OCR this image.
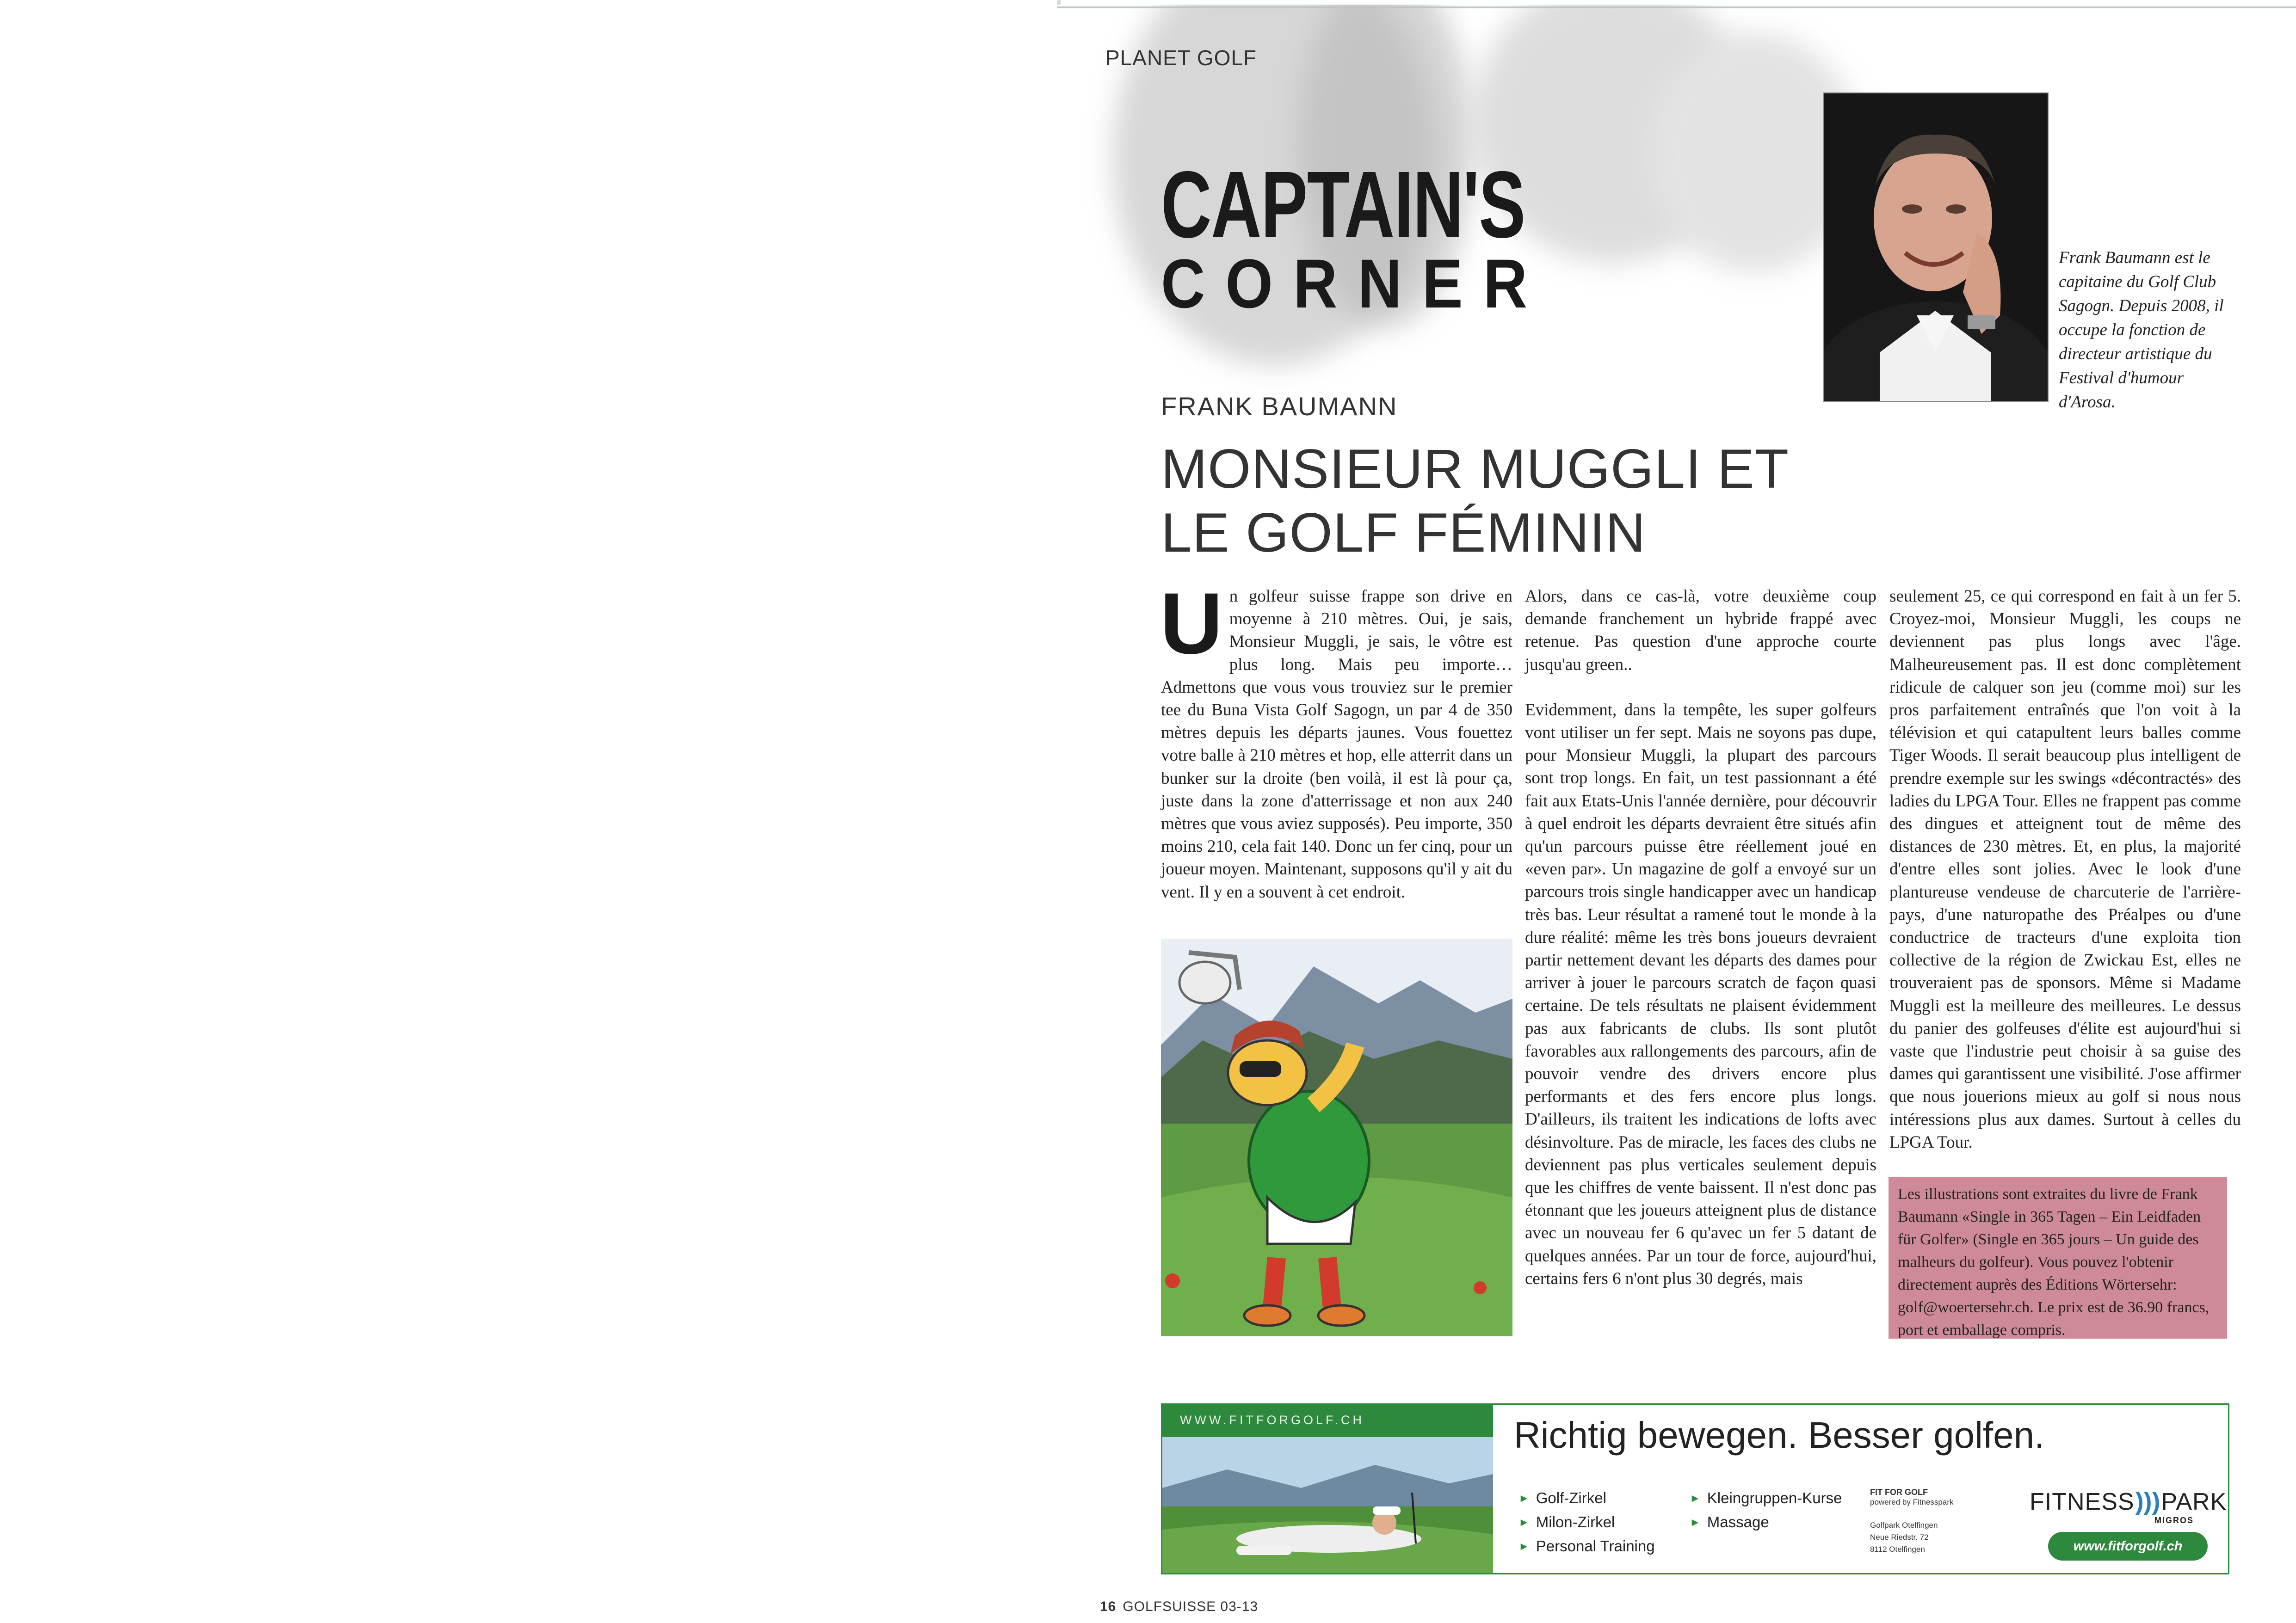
PLANET GOLF
CAPTAIN'S
CORNER	Frank Baumann est le capitaine du Golf Club Sagogn. Depuis 2008, il occupe la fonction de directeur artistique du Festival d'humour d'Arosa.
FRANK BAUMANN
MONSIEUR MUGGLI ET
LE GOLF FÉMININ

Un golfeur suisse frappe son drive en moyenne à 210 mètres. Oui, je sais, Monsieur Muggli, je sais, le vôtre est plus long. Mais peu importe… Admettons que vous vous trouviez sur le premier tee du Buna Vista Golf Sagogn, un par 4 de 350 mètres depuis les départs jaunes. Vous fouettez votre balle à 210 mètres et hop, elle atterrit dans un bunker sur la droite (ben voilà, il est là pour ça, juste dans la zone d'atterrissage et non aux 240 mètres que vous aviez supposés). Peu importe, 350 moins 210, cela fait 140. Donc un fer cinq, pour un joueur moyen. Maintenant, supposons qu'il y ait du vent. Il y en a souvent à cet endroit.

Alors, dans ce cas-là, votre deuxième coup demande franchement un hybride frappé avec retenue. Pas question d'une approche courte jusqu'au green..

Evidemment, dans la tempête, les super golfeurs vont utiliser un fer sept. Mais ne soyons pas dupe, pour Monsieur Muggli, la plupart des parcours sont trop longs. En fait, un test passionnant a été fait aux Etats-Unis l'année dernière, pour découvrir à quel endroit les départs devraient être situés afin qu'un parcours puisse être réellement joué en «even par». Un magazine de golf a envoyé sur un parcours trois single handicapper avec un handicap très bas. Leur résultat a ramené tout le monde à la dure réalité: même les très bons joueurs devraient partir nettement devant les départs des dames pour arriver à jouer le parcours scratch de façon quasi certaine. De tels résultats ne plaisent évidemment pas aux fabricants de clubs. Ils sont plutôt favorables aux rallongements des parcours, afin de pouvoir vendre des drivers encore plus performants et des fers encore plus longs. D'ailleurs, ils traitent les indications de lofts avec désinvolture. Pas de miracle, les faces des clubs ne deviennent pas plus verticales seulement depuis que les chiffres de vente baissent. Il n'est donc pas étonnant que les joueurs atteignent plus de distance avec un nouveau fer 6 qu'avec un fer 5 datant de quelques années. Par un tour de force, aujourd'hui, certains fers 6 n'ont plus 30 degrés, mais

seulement 25, ce qui correspond en fait à un fer 5. Croyez-moi, Monsieur Muggli, les coups ne deviennent pas plus longs avec l'âge. Malheureusement pas. Il est donc complètement ridicule de calquer son jeu (comme moi) sur les pros parfaitement entraînés que l'on voit à la télévision et qui catapultent leurs balles comme Tiger Woods. Il serait beaucoup plus intelligent de prendre exemple sur les swings «décontractés» des ladies du LPGA Tour. Elles ne frappent pas comme des dingues et atteignent tout de même des distances de 230 mètres. Et, en plus, la majorité d'entre elles sont jolies. Avec le look d'une plantureuse vendeuse de charcuterie de l'arrière-pays, d'une naturopathe des Préalpes ou d'une conductrice de tracteurs d'une exploita tion collective de la région de Zwickau Est, elles ne trouveraient pas de sponsors. Même si Madame Muggli est la meilleure des meilleures. Le dessus du panier des golfeuses d'élite est aujourd'hui si vaste que l'industrie peut choisir à sa guise des dames qui garantissent une visibilité. J'ose affirmer que nous jouerions mieux au golf si nous nous intéressions plus aux dames. Surtout à celles du LPGA Tour.

Les illustrations sont extraites du livre de Frank Baumann «Single in 365 Tagen – Ein Leidfaden für Golfer» (Single en 365 jours – Un guide des malheurs du golfeur). Vous pouvez l'obtenir directement auprès des Éditions Wörtersehr: golf@woertersehr.ch. Le prix est de 36.90 francs, port et emballage compris.
WWW.FITFORGOLF.CH	Richtig bewegen. Besser golfen.
► Golf-Zirkel
► Milon-Zirkel
► Personal Training
► Kleingruppen-Kurse
► Massage
FIT FOR GOLF
powered by Fitnesspark
Golfpark Otelfingen
Neue Riedstr. 72
8112 Otelfingen
FITNESS)))PARK
MIGROS
www.fitforgolf.ch
16 GOLFSUISSE 03-13
